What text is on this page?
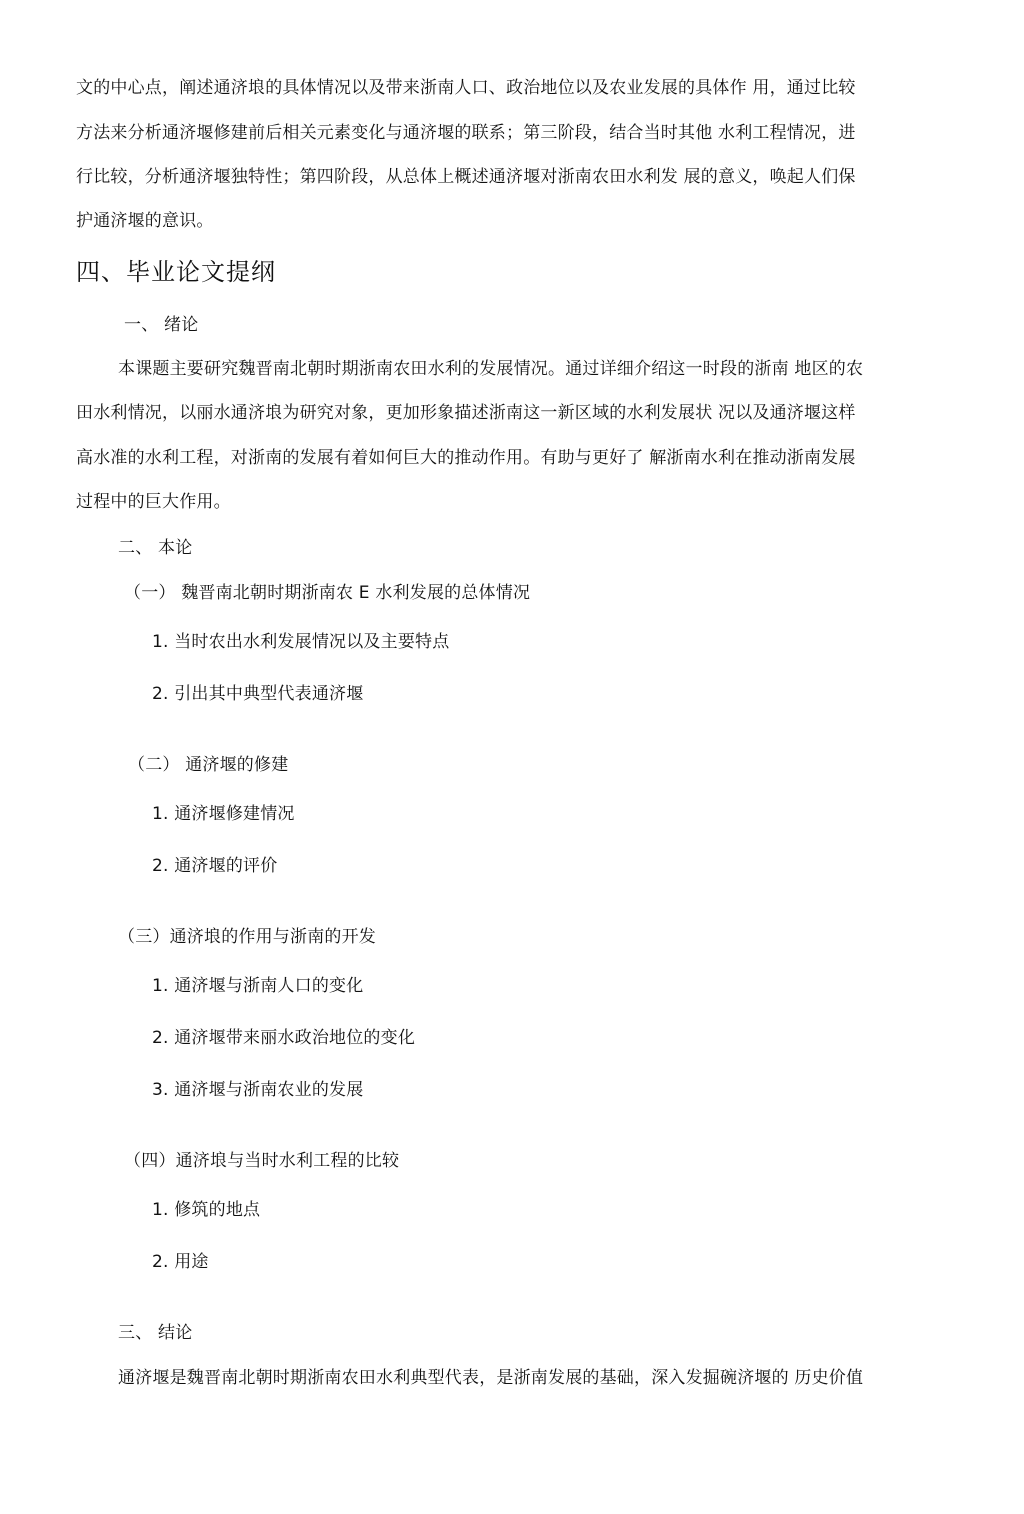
文的中心点，阐述通济埌的具体情况以及带来浙南人口、政治地位以及农业发展的具体作 用，通过比较
方法来分析通济堰修建前后相关元素变化与通济堰的联系；第三阶段，结合当时其他 水利工程情况，进
行比较，分析通济堰独特性；第四阶段，从总体上概述通济堰对浙南农田水利发 展的意义，唤起人们保
护通济堰的意识。
四、毕业论文提纲
一、 绪论
本课题主要研究魏晋南北朝时期浙南农田水利的发展情况。通过详细介绍这一时段的浙南 地区的农
田水利情况，以丽水通济埌为研究对象，更加形象描述浙南这一新区域的水利发展状 况以及通济堰这样
高水准的水利工程，对浙南的发展有着如何巨大的推动作用。有助与更好了 解浙南水利在推动浙南发展
过程中的巨大作用。
二、 本论
（一） 魏晋南北朝时期浙南农 E 水利发展的总体情况
1. 当时农出水利发展情况以及主要特点
2. 引出其中典型代表通济堰
（二） 通济堰的修建
1. 通济堰修建情况
2. 通济堰的评价
（三）通济埌的作用与浙南的开发
1. 通济堰与浙南人口的变化
2. 通济堰带来丽水政治地位的变化
3. 通济堰与浙南农业的发展
（四）通济埌与当时水利工程的比较
1. 修筑的地点
2. 用途
三、 结论
通济堰是魏晋南北朝时期浙南农田水利典型代表，是浙南发展的基础，深入发掘碗济堰的 历史价值
